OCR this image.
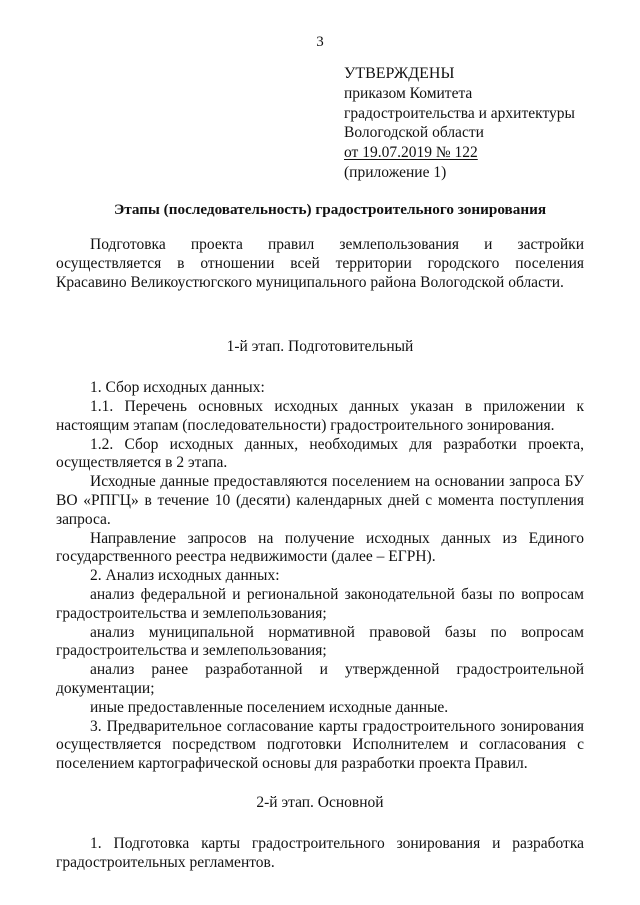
3
УТВЕРЖДЕНЫ
приказом Комитета
градостроительства и архитектуры
Вологодской области
от 19.07.2019 № 122
(приложение 1)
Этапы (последовательность) градостроительного зонирования
Подготовка проекта правил землепользования и застройки осуществляется в отношении всей территории городского поселения Красавино Великоустюгского муниципального района Вологодской области.
1-й этап. Подготовительный
1. Сбор исходных данных:
1.1. Перечень основных исходных данных указан в приложении к настоящим этапам (последовательности) градостроительного зонирования.
1.2. Сбор исходных данных, необходимых для разработки проекта, осуществляется в 2 этапа.
Исходные данные предоставляются поселением на основании запроса БУ ВО «РПГЦ» в течение 10 (десяти) календарных дней с момента поступления запроса.
Направление запросов на получение исходных данных из Единого государственного реестра недвижимости (далее – ЕГРН).
2. Анализ исходных данных:
анализ федеральной и региональной законодательной базы по вопросам градостроительства и землепользования;
анализ муниципальной нормативной правовой базы по вопросам градостроительства и землепользования;
анализ ранее разработанной и утвержденной градостроительной документации;
иные предоставленные поселением исходные данные.
3. Предварительное согласование карты градостроительного зонирования осуществляется посредством подготовки Исполнителем и согласования с поселением картографической основы для разработки проекта Правил.
2-й этап. Основной
1. Подготовка карты градостроительного зонирования и разработка градостроительных регламентов.
